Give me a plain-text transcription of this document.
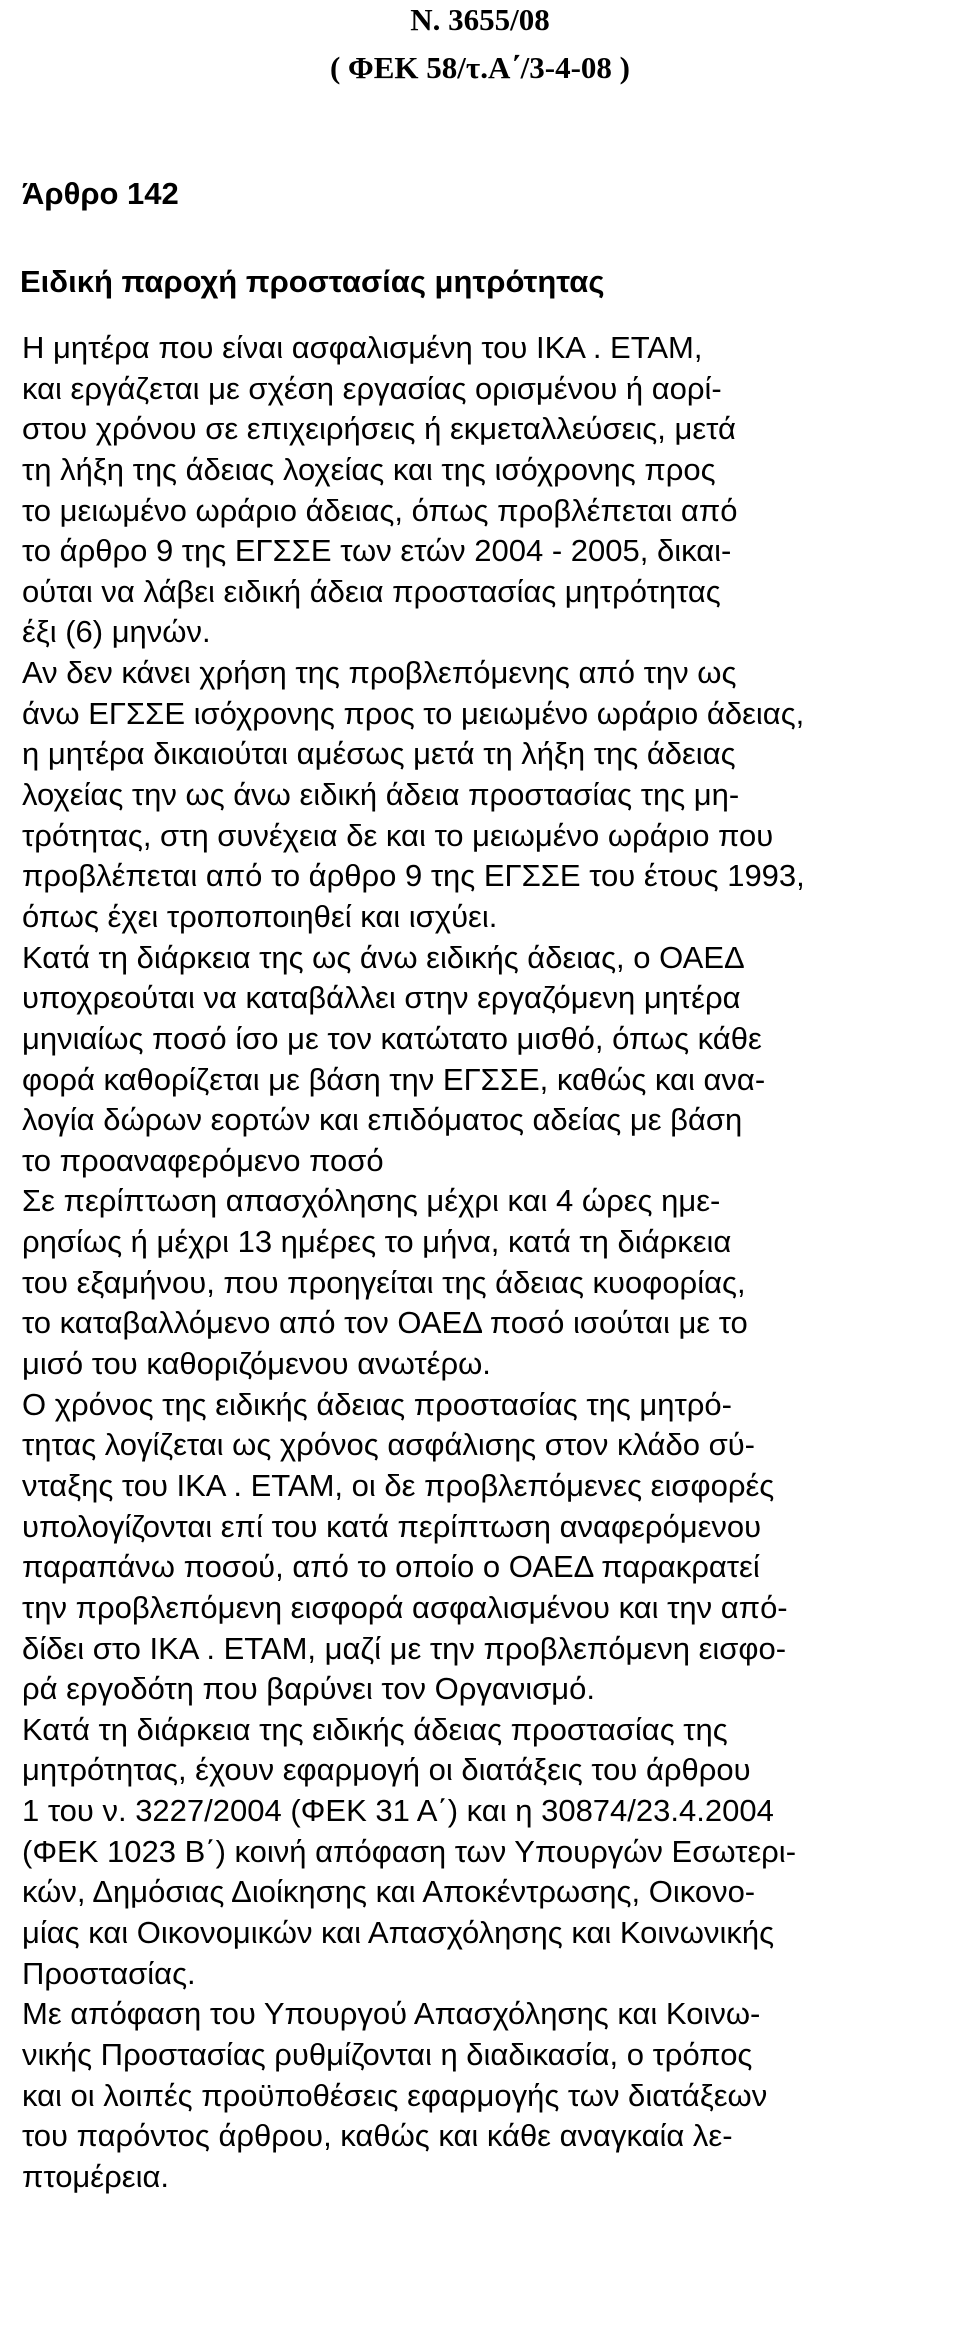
Ν. 3655/08
( ΦΕΚ 58/τ.Α΄/3-4-08 )
Άρθρο 142
Ειδική παροχή προστασίας μητρότητας
Η μητέρα που είναι ασφαλισμένη του ΙΚΑ . ΕΤΑΜ,
και εργάζεται με σχέση εργασίας ορισμένου ή αορί-
στου χρόνου σε επιχειρήσεις ή εκμεταλλεύσεις, μετά
τη λήξη της άδειας λοχείας και της ισόχρονης προς
το μειωμένο ωράριο άδειας, όπως προβλέπεται από
το άρθρο 9 της ΕΓΣΣΕ των ετών 2004 - 2005, δικαι-
ούται να λάβει ειδική άδεια προστασίας μητρότητας
έξι (6) μηνών.
Αν δεν κάνει χρήση της προβλεπόμενης από την ως
άνω ΕΓΣΣΕ ισόχρονης προς το μειωμένο ωράριο άδειας,
η μητέρα δικαιούται αμέσως μετά τη λήξη της άδειας
λοχείας την ως άνω ειδική άδεια προστασίας της μη-
τρότητας, στη συνέχεια δε και το μειωμένο ωράριο που
προβλέπεται από το άρθρο 9 της ΕΓΣΣΕ του έτους 1993,
όπως έχει τροποποιηθεί και ισχύει.
Κατά τη διάρκεια της ως άνω ειδικής άδειας, ο ΟΑΕΔ
υποχρεούται να καταβάλλει στην εργαζόμενη μητέρα
μηνιαίως ποσό ίσο με τον κατώτατο μισθό, όπως κάθε
φορά καθορίζεται με βάση την ΕΓΣΣΕ, καθώς και ανα-
λογία δώρων εορτών και επιδόματος αδείας με βάση
το προαναφερόμενο ποσό
Σε περίπτωση απασχόλησης μέχρι και 4 ώρες ημε-
ρησίως ή μέχρι 13 ημέρες το μήνα, κατά τη διάρκεια
του εξαμήνου, που προηγείται της άδειας κυοφορίας,
το καταβαλλόμενο από τον ΟΑΕΔ ποσό ισούται με το
μισό του καθοριζόμενου ανωτέρω.
Ο χρόνος της ειδικής άδειας προστασίας της μητρό-
τητας λογίζεται ως χρόνος ασφάλισης στον κλάδο σύ-
νταξης του ΙΚΑ . ΕΤΑΜ, οι δε προβλεπόμενες εισφορές
υπολογίζονται επί του κατά περίπτωση αναφερόμενου
παραπάνω ποσού, από το οποίο ο ΟΑΕΔ παρακρατεί
την προβλεπόμενη εισφορά ασφαλισμένου και την από-
δίδει στο ΙΚΑ . ΕΤΑΜ, μαζί με την προβλεπόμενη εισφο-
ρά εργοδότη που βαρύνει τον Οργανισμό.
Κατά τη διάρκεια της ειδικής άδειας προστασίας της
μητρότητας, έχουν εφαρμογή οι διατάξεις του άρθρου
1 του ν. 3227/2004 (ΦΕΚ 31 Α΄) και η 30874/23.4.2004
(ΦΕΚ 1023 Β΄) κοινή απόφαση των Υπουργών Εσωτερι-
κών, Δημόσιας Διοίκησης και Αποκέντρωσης, Οικονο-
μίας και Οικονομικών και Απασχόλησης και Κοινωνικής
Προστασίας.
Με απόφαση του Υπουργού Απασχόλησης και Κοινω-
νικής Προστασίας ρυθμίζονται η διαδικασία, ο τρόπος
και οι λοιπές προϋποθέσεις εφαρμογής των διατάξεων
του παρόντος άρθρου, καθώς και κάθε αναγκαία λε-
πτομέρεια.
